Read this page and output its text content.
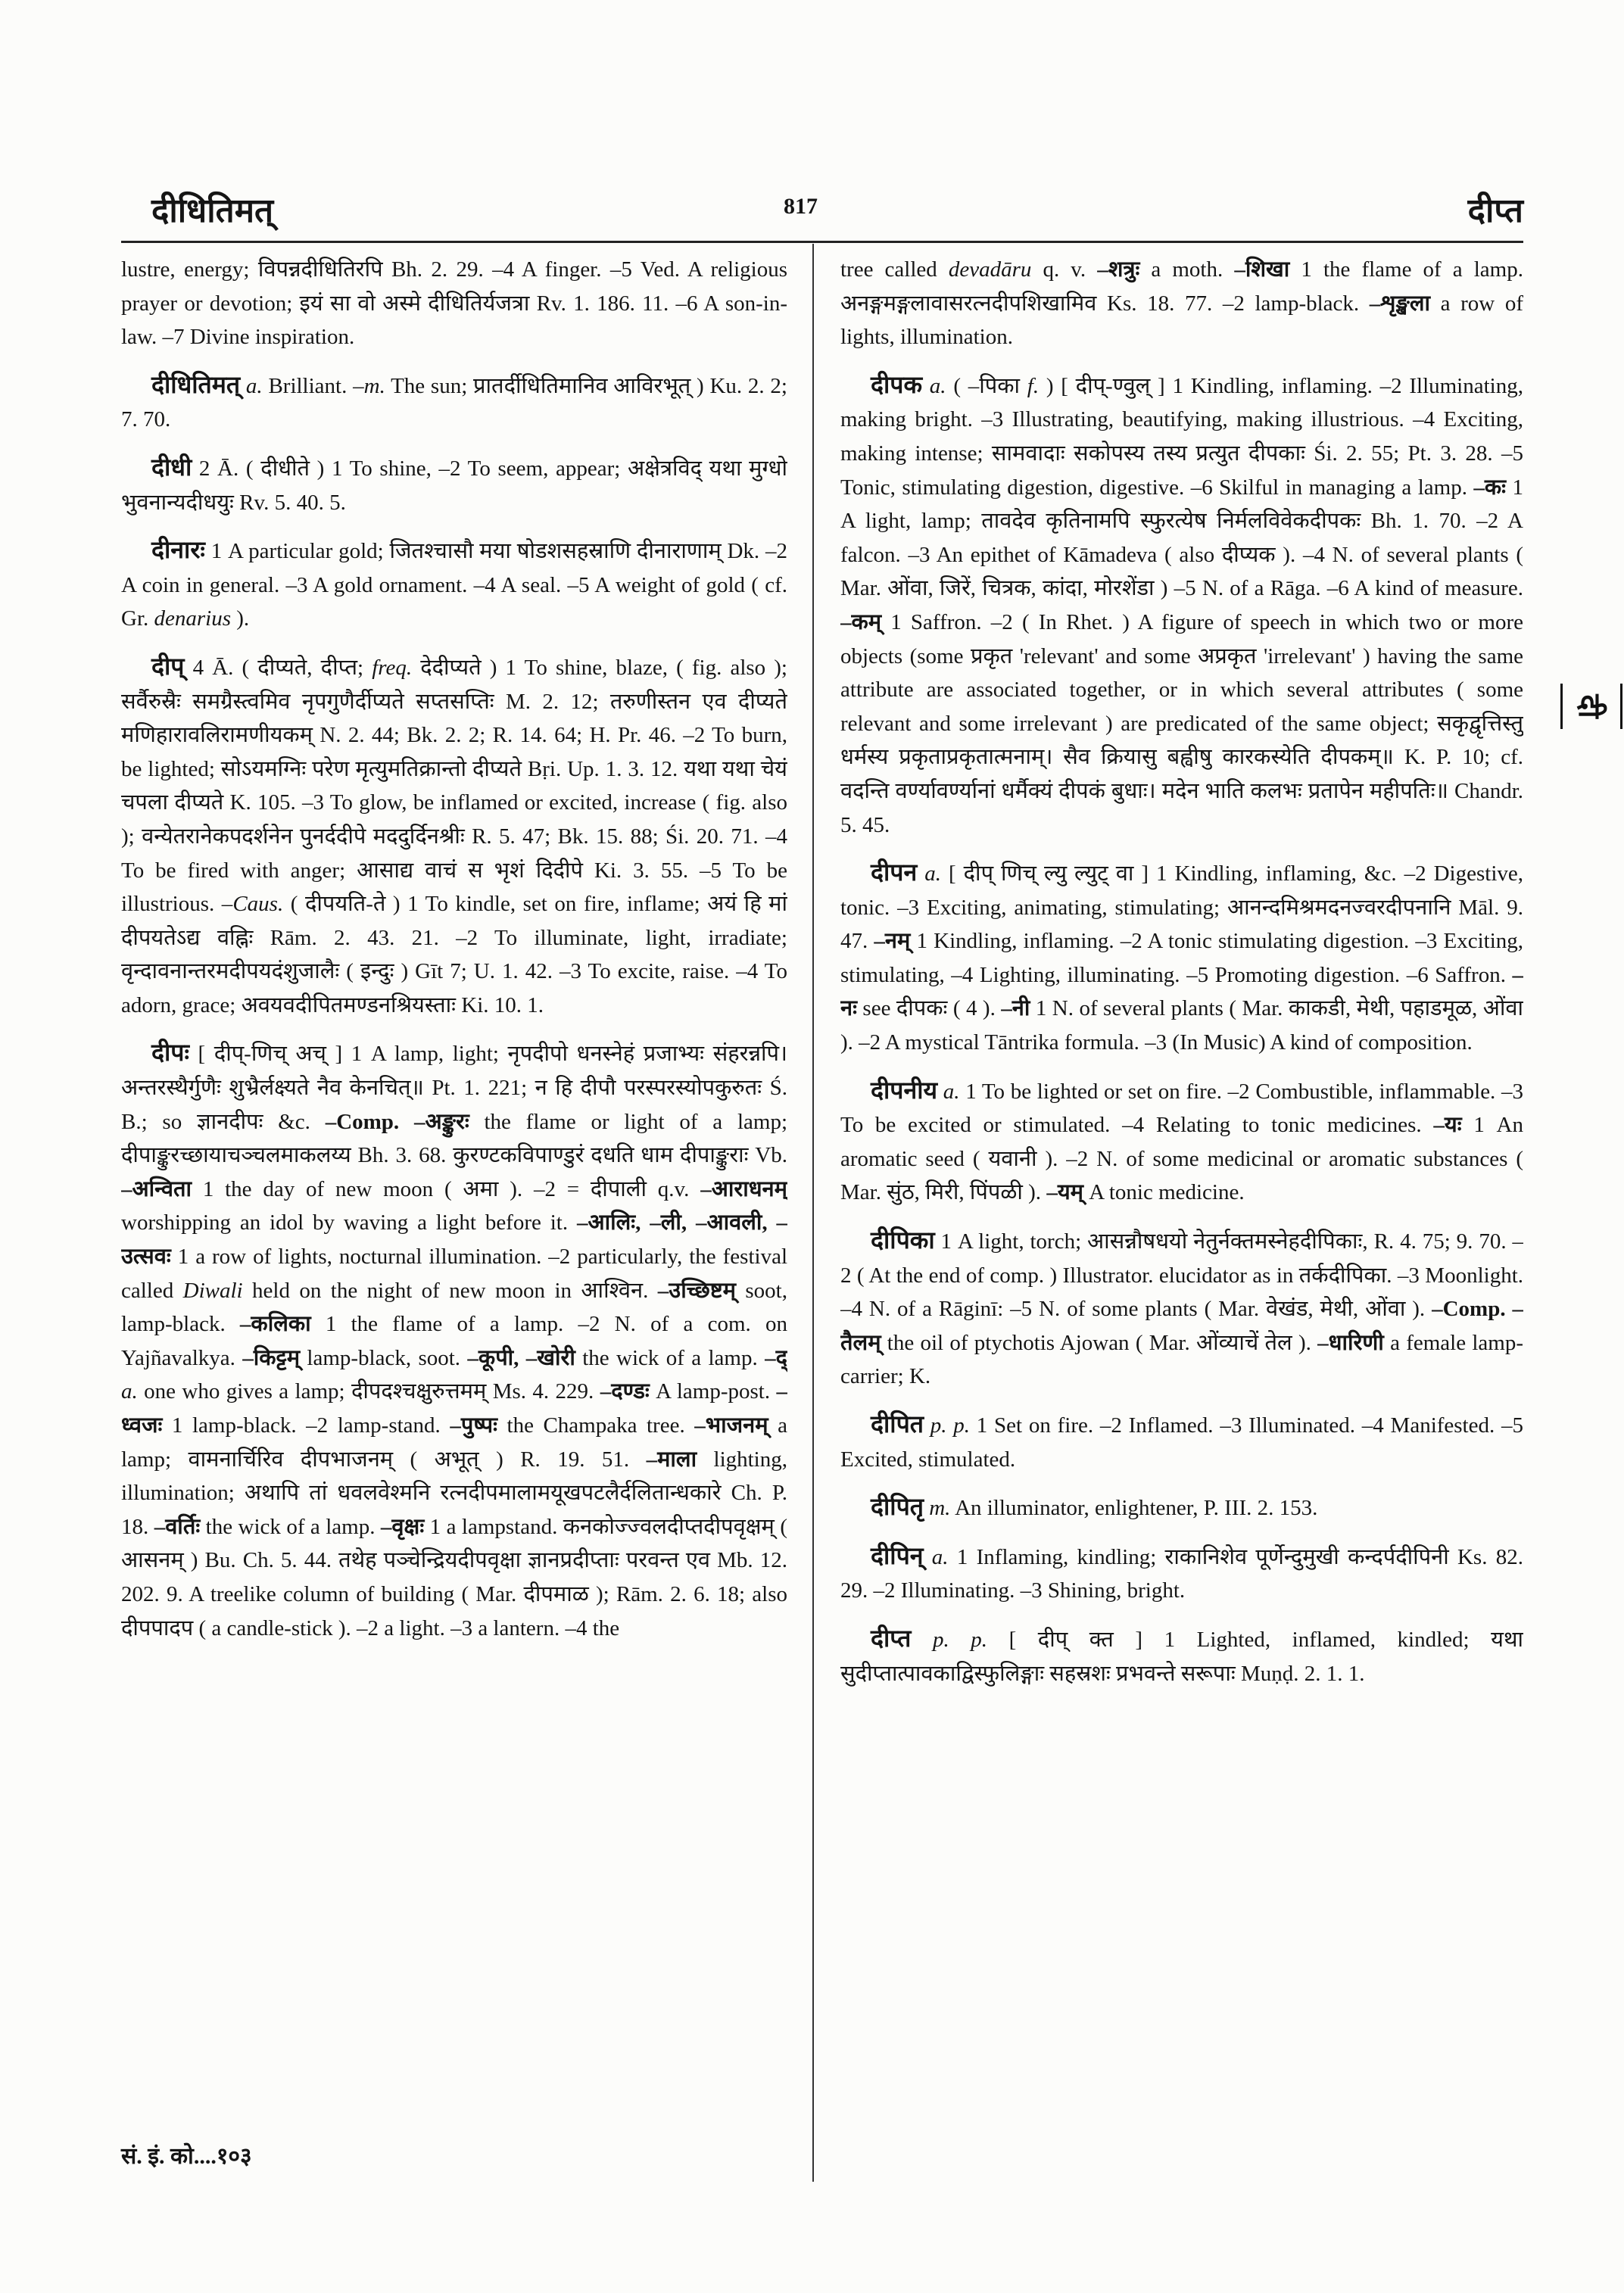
दीधितिमत्	817	दीप्त

lustre, energy; विपन्नदीधितिरपि Bh. 2. 29. –4 A finger. –5 Ved. A religious prayer or devotion; इयं सा वो अस्मे दीधितिर्यजत्रा Rv. 1. 186. 11. –6 A son-in-law. –7 Divine inspiration.

दीधितिमत् a. Brilliant. –m. The sun; प्रातर्दीधितिमानिव आविरभूत् ) Ku. 2. 2; 7. 70.

दीधी 2 Ā. ( दीधीते ) 1 To shine, –2 To seem, appear; अक्षेत्रविद् यथा मुग्धो भुवनान्यदीधयुः Rv. 5. 40. 5.

दीनारः 1 A particular gold; जितश्चासौ मया षोडशसहस्राणि दीनाराणाम् Dk. –2 A coin in general. –3 A gold ornament. –4 A seal. –5 A weight of gold ( cf. Gr. denarius ).

दीप् 4 Ā. ( दीप्यते, दीप्त; freq. देदीप्यते ) 1 To shine, blaze, ( fig. also ); सर्वैरुस्रैः समग्रैस्त्वमिव नृपगुणैर्दीप्यते सप्तसप्तिः M. 2. 12; तरुणीस्तन एव दीप्यते मणिहारावलिरामणीयकम् N. 2. 44; Bk. 2. 2; R. 14. 64; H. Pr. 46. –2 To burn, be lighted; सोऽयमग्निः परेण मृत्युमतिक्रान्तो दीप्यते Bṛi. Up. 1. 3. 12. यथा यथा चेयं चपला दीप्यते K. 105. –3 To glow, be inflamed or excited, increase ( fig. also ); वन्येतरानेकपदर्शनेन पुनर्ददीपे मददुर्दिनश्रीः R. 5. 47; Bk. 15. 88; Śi. 20. 71. –4 To be fired with anger; आसाद्य वाचं स भृशं दिदीपे Ki. 3. 55. –5 To be illustrious. –Caus. ( दीपयति-ते ) 1 To kindle, set on fire, inflame; अयं हि मां दीपयतेऽद्य वह्निः Rām. 2. 43. 21. –2 To illuminate, light, irradiate; वृन्दावनान्तरमदीपयदंशुजालैः ( इन्दुः ) Gīt 7; U. 1. 42. –3 To excite, raise. –4 To adorn, grace; अवयवदीपितमण्डनश्रियस्ताः Ki. 10. 1.

दीपः [ दीप्-णिच् अच् ] 1 A lamp, light; नृपदीपो धनस्नेहं प्रजाभ्यः संहरन्नपि। अन्तरस्थैर्गुणैः शुभ्रैर्लक्ष्यते नैव केनचित्॥ Pt. 1. 221; न हि दीपौ परस्परस्योपकुरुतः Ś. B.; so ज्ञानदीपः &c. –Comp. –अङ्कुरः the flame or light of a lamp; दीपाङ्कुरच्छायाचञ्चलमाकलय्य Bh. 3. 68. कुरण्टकविपाण्डुरं दधति धाम दीपाङ्कुराः Vb. –अन्विता 1 the day of new moon ( अमा ). –2 = दीपाली q.v. –आराधनम् worshipping an idol by waving a light before it. –आलिः, –ली, –आवली, –उत्सवः 1 a row of lights, nocturnal illumination. –2 particularly, the festival called Diwali held on the night of new moon in आश्विन. –उच्छिष्टम् soot, lamp-black. –कलिका 1 the flame of a lamp. –2 N. of a com. on Yajñavalkya. –किट्टम् lamp-black, soot. –कूपी, –खोरी the wick of a lamp. –द् a. one who gives a lamp; दीपदश्चक्षुरुत्तमम् Ms. 4. 229. –दण्डः A lamp-post. –ध्वजः 1 lamp-black. –2 lamp-stand. –पुष्पः the Champaka tree. –भाजनम् a lamp; वामनार्चिरिव दीपभाजनम् ( अभूत् ) R. 19. 51. –माला lighting, illumination; अथापि तां धवलवेश्मनि रत्नदीपमालामयूखपटलैर्दलितान्धकारे Ch. P. 18. –वर्तिः the wick of a lamp. –वृक्षः 1 a lampstand. कनकोज्ज्वलदीप्तदीपवृक्षम् ( आसनम् ) Bu. Ch. 5. 44. तथेह पञ्चेन्द्रियदीपवृक्षा ज्ञानप्रदीप्ताः परवन्त एव Mb. 12. 202. 9. A treelike column of building ( Mar. दीपमाळ ); Rām. 2. 6. 18; also दीपपादप ( a candle-stick ). –2 a light. –3 a lantern. –4 the

tree called devadāru q. v. –शत्रुः a moth. –शिखा 1 the flame of a lamp. अनङ्गमङ्गलावासरत्नदीपशिखामिव Ks. 18. 77. –2 lamp-black. –शृङ्खला a row of lights, illumination.

दीपक a. ( –पिका f. ) [ दीप्-ण्वुल् ] 1 Kindling, inflaming. –2 Illuminating, making bright. –3 Illustrating, beautifying, making illustrious. –4 Exciting, making intense; सामवादाः सकोपस्य तस्य प्रत्युत दीपकाः Śi. 2. 55; Pt. 3. 28. –5 Tonic, stimulating digestion, digestive. –6 Skilful in managing a lamp. –कः 1 A light, lamp; तावदेव कृतिनामपि स्फुरत्येष निर्मलविवेकदीपकः Bh. 1. 70. –2 A falcon. –3 An epithet of Kāmadeva ( also दीप्यक ). –4 N. of several plants ( Mar. ओंवा, जिरें, चित्रक, कांदा, मोरशेंडा ) –5 N. of a Rāga. –6 A kind of measure. –कम् 1 Saffron. –2 ( In Rhet. ) A figure of speech in which two or more objects (some प्रकृत 'relevant' and some अप्रकृत 'irrelevant' ) having the same attribute are associated together, or in which several attributes ( some relevant and some irrelevant ) are predicated of the same object; सकृद्वृत्तिस्तु धर्मस्य प्रकृताप्रकृतात्मनाम्। सैव क्रियासु बह्वीषु कारकस्येति दीपकम्॥ K. P. 10; cf. वदन्ति वर्ण्यावर्ण्यानां धर्मैक्यं दीपकं बुधाः। मदेन भाति कलभः प्रतापेन महीपतिः॥ Chandr. 5. 45.

दीपन a. [ दीप् णिच् ल्यु ल्युट् वा ] 1 Kindling, inflaming, &c. –2 Digestive, tonic. –3 Exciting, animating, stimulating; आनन्दमिश्रमदनज्वरदीपनानि Māl. 9. 47. –नम् 1 Kindling, inflaming. –2 A tonic stimulating digestion. –3 Exciting, stimulating, –4 Lighting, illuminating. –5 Promoting digestion. –6 Saffron. –नः see दीपकः ( 4 ). –नी 1 N. of several plants ( Mar. काकडी, मेथी, पहाडमूळ, ओंवा ). –2 A mystical Tāntrika formula. –3 (In Music) A kind of composition.

दीपनीय a. 1 To be lighted or set on fire. –2 Combustible, inflammable. –3 To be excited or stimulated. –4 Relating to tonic medicines. –यः 1 An aromatic seed ( यवानी ). –2 N. of some medicinal or aromatic substances ( Mar. सुंठ, मिरी, पिंपळी ). –यम् A tonic medicine.

दीपिका 1 A light, torch; आसन्नौषधयो नेतुर्नक्तमस्नेहदीपिकाः, R. 4. 75; 9. 70. –2 ( At the end of comp. ) Illustrator. elucidator as in तर्कदीपिका. –3 Moonlight. –4 N. of a Rāginī: –5 N. of some plants ( Mar. वेखंड, मेथी, ओंवा ). –Comp. –तैलम् the oil of ptychotis Ajowan ( Mar. ओंव्याचें तेल ). –धारिणी a female lamp-carrier; K.

दीपित p. p. 1 Set on fire. –2 Inflamed. –3 Illuminated. –4 Manifested. –5 Excited, stimulated.

दीपितृ m. An illuminator, enlightener, P. III. 2. 153.

दीपिन् a. 1 Inflaming, kindling; राकानिशेव पूर्णेन्दुमुखी कन्दर्पदीपिनी Ks. 82. 29. –2 Illuminating. –3 Shining, bright.

दीप्त p. p. [ दीप् क्त ] 1 Lighted, inflamed, kindled; यथा सुदीप्तात्पावकाद्विस्फुलिङ्गाः सहस्रशः प्रभवन्ते सरूपाः Muṇḍ. 2. 1. 1.

दी
सं. इं. को....१०३
